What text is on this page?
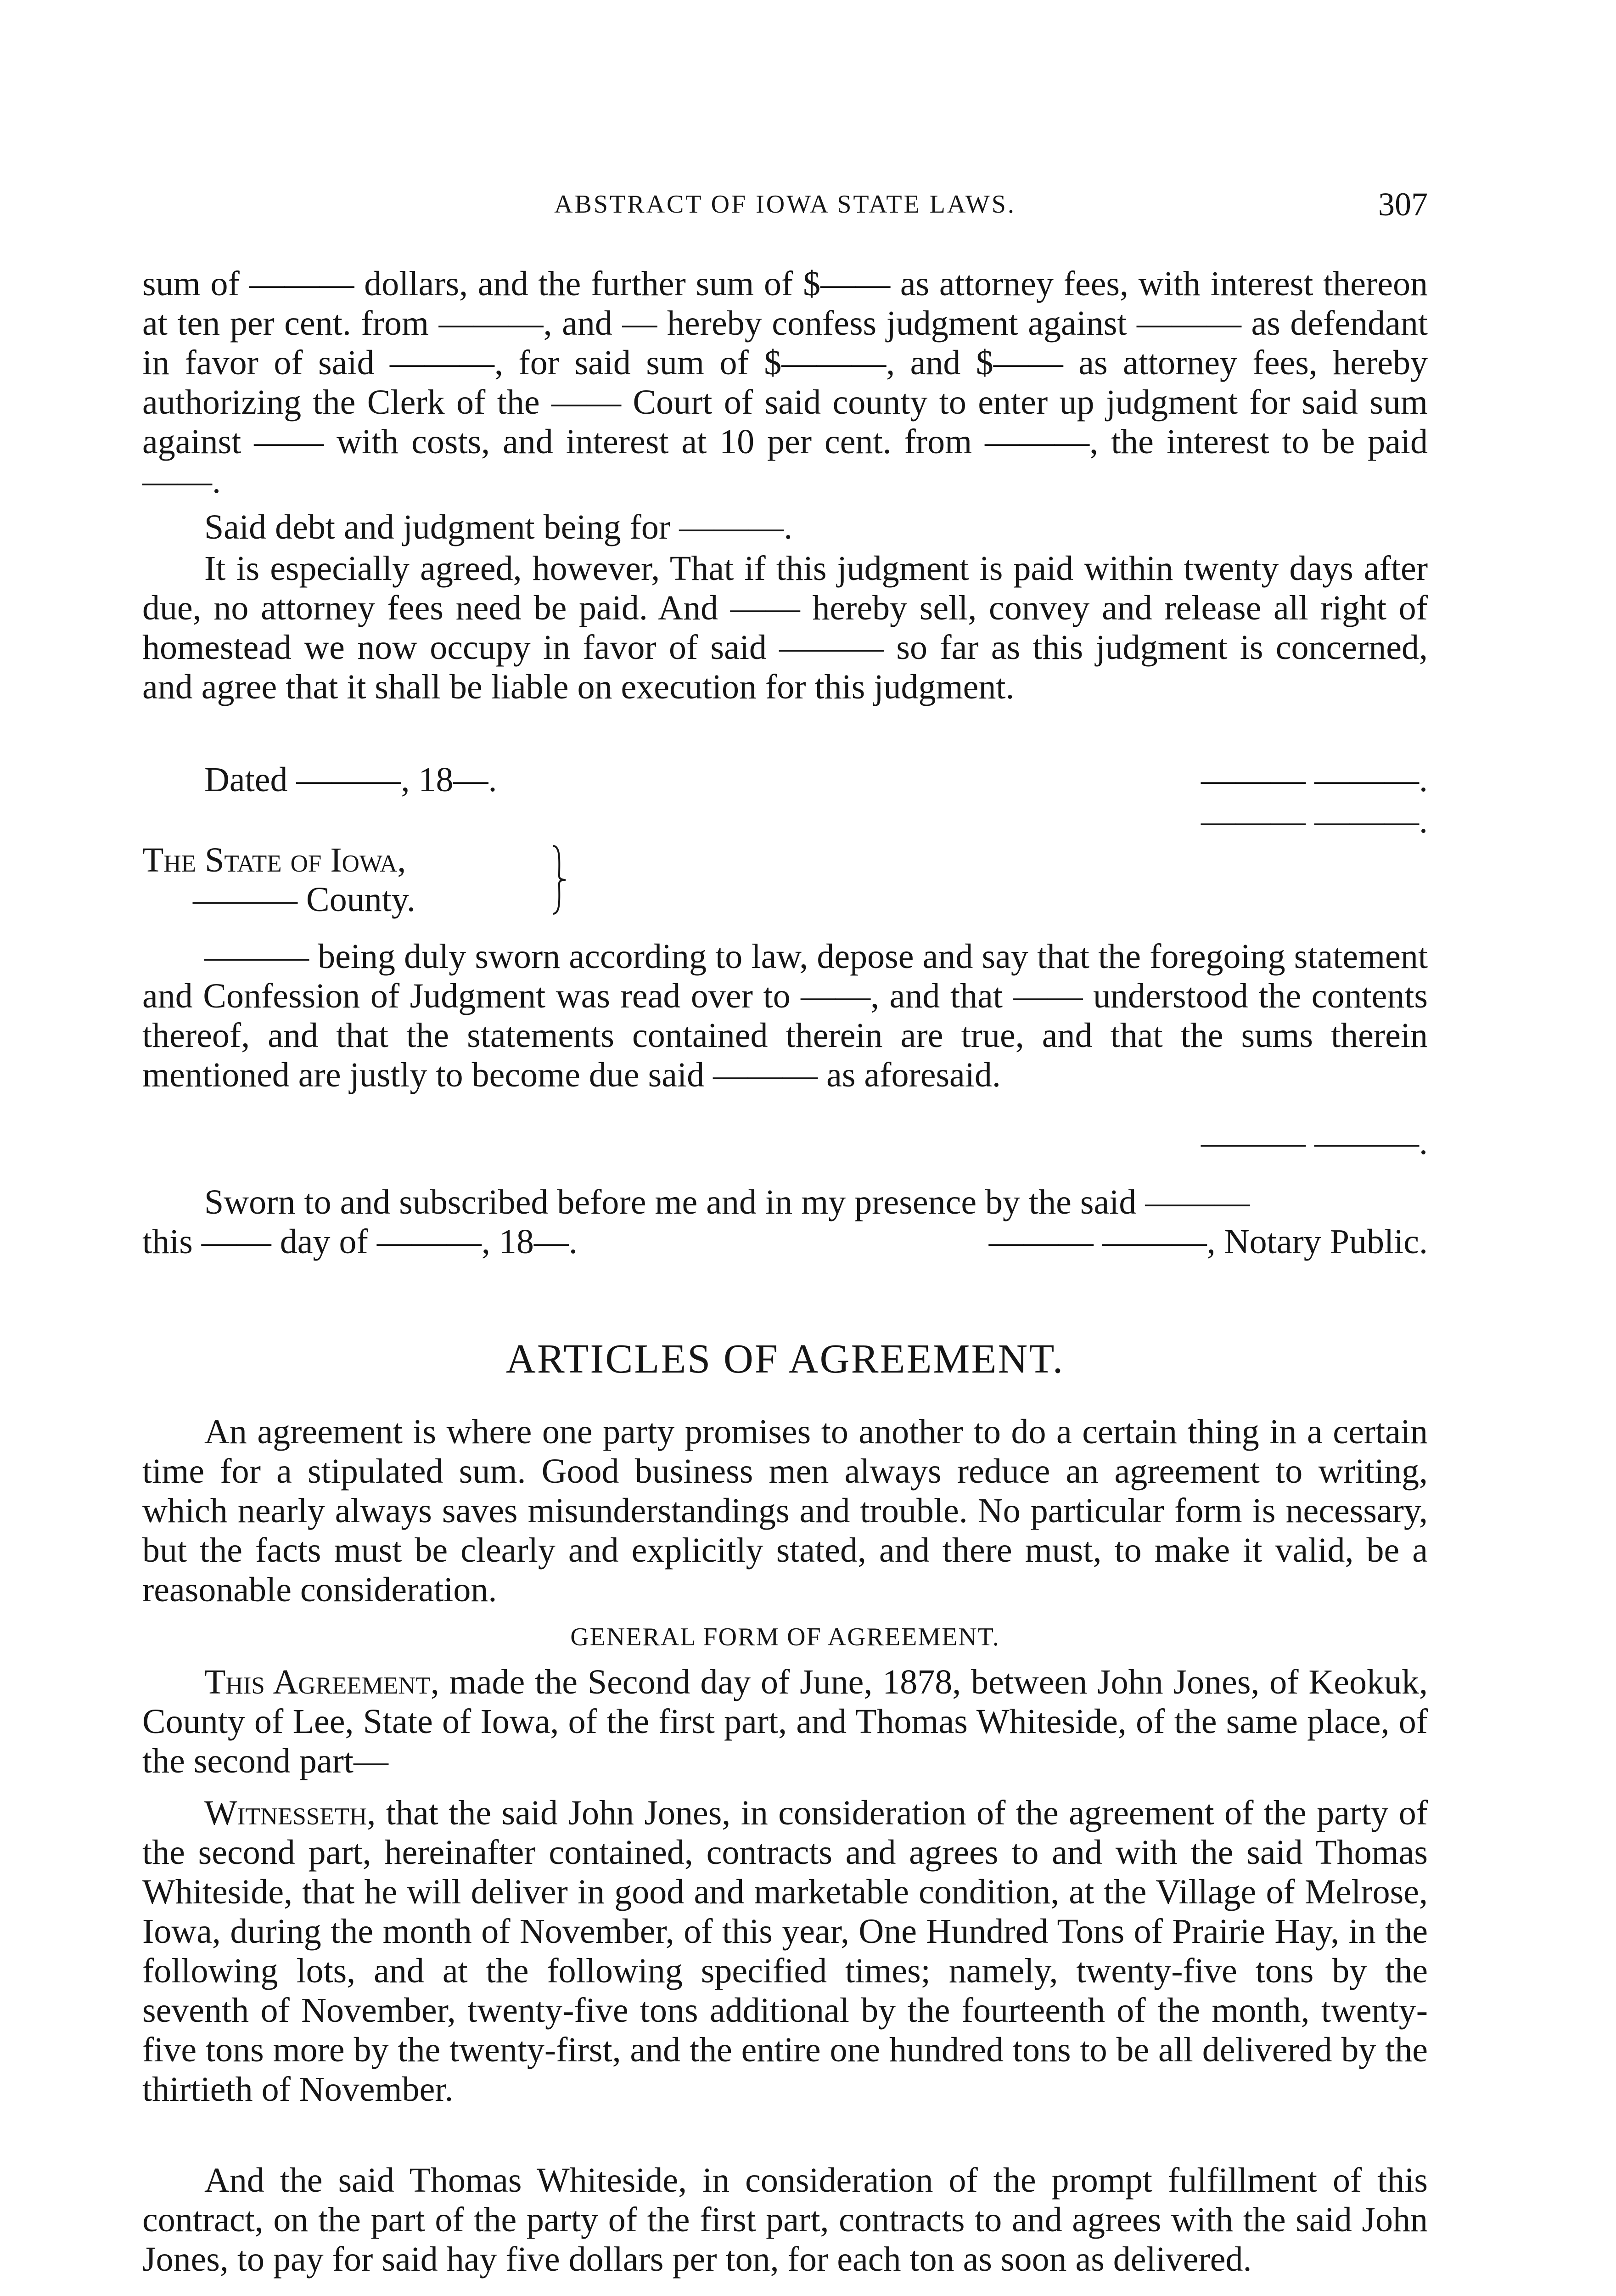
ABSTRACT OF IOWA STATE LAWS.	307
sum of ——— dollars, and the further sum of $—— as attorney fees, with interest thereon at ten per cent. from ———, and — hereby confess judgment against ——— as defendant in favor of said ———, for said sum of $———, and $—— as attorney fees, hereby authorizing the Clerk of the —— Court of said county to enter up judgment for said sum against —— with costs, and interest at 10 per cent. from ———, the interest to be paid ——.
Said debt and judgment being for ———.
It is especially agreed, however, That if this judgment is paid within twenty days after due, no attorney fees need be paid. And —— hereby sell, convey and release all right of homestead we now occupy in favor of said ——— so far as this judgment is concerned, and agree that it shall be liable on execution for this judgment.
Dated ———, 18—.	——— ———.
——— ———.
The State of Iowa,
——— County.
——— being duly sworn according to law, depose and say that the foregoing statement and Confession of Judgment was read over to ——, and that —— understood the contents thereof, and that the statements contained therein are true, and that the sums therein mentioned are justly to become due said ——— as aforesaid.
——— ———.
Sworn to and subscribed before me and in my presence by the said ———
this —— day of ———, 18—.	——— ———, Notary Public.
ARTICLES OF AGREEMENT.
An agreement is where one party promises to another to do a certain thing in a certain time for a stipulated sum. Good business men always reduce an agreement to writing, which nearly always saves misunderstandings and trouble. No particular form is necessary, but the facts must be clearly and explicitly stated, and there must, to make it valid, be a reasonable consideration.
GENERAL FORM OF AGREEMENT.
This Agreement, made the Second day of June, 1878, between John Jones, of Keokuk, County of Lee, State of Iowa, of the first part, and Thomas Whiteside, of the same place, of the second part—
Witnesseth, that the said John Jones, in consideration of the agreement of the party of the second part, hereinafter contained, contracts and agrees to and with the said Thomas Whiteside, that he will deliver in good and marketable condition, at the Village of Melrose, Iowa, during the month of November, of this year, One Hundred Tons of Prairie Hay, in the following lots, and at the following specified times; namely, twenty-five tons by the seventh of November, twenty-five tons additional by the fourteenth of the month, twenty-five tons more by the twenty-first, and the entire one hundred tons to be all delivered by the thirtieth of November.
And the said Thomas Whiteside, in consideration of the prompt fulfillment of this contract, on the part of the party of the first part, contracts to and agrees with the said John Jones, to pay for said hay five dollars per ton, for each ton as soon as delivered.
